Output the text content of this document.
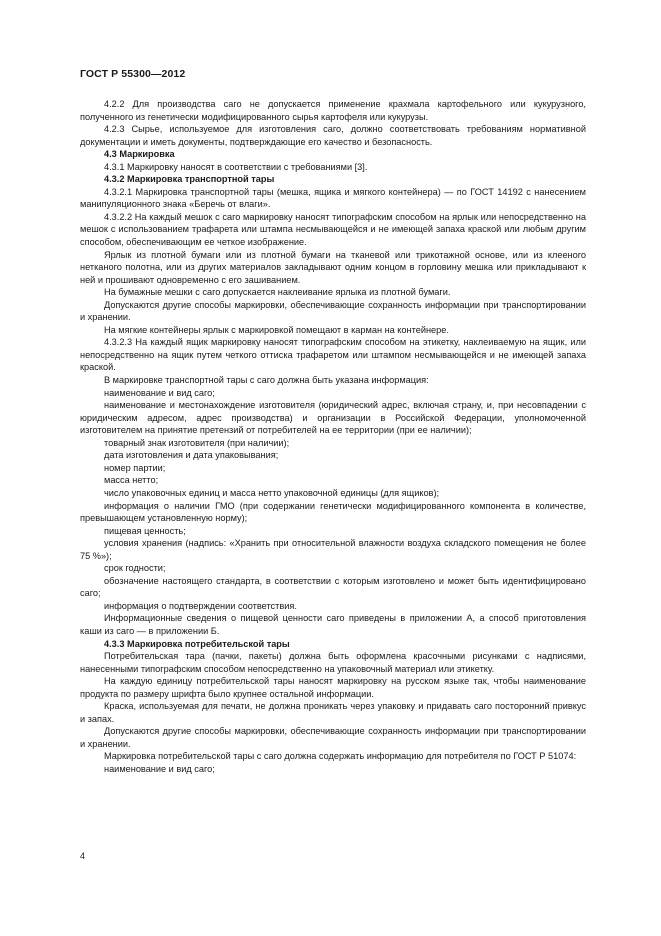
ГОСТ Р 55300—2012

4.2.2 Для производства саго не допускается применение крахмала картофельного или кукурузного, полученного из генетически модифицированного сырья картофеля или кукурузы.

4.2.3 Сырье, используемое для изготовления саго, должно соответствовать требованиям нормативной документации и иметь документы, подтверждающие его качество и безопасность.

4.3 Маркировка

4.3.1 Маркировку наносят в соответствии с требованиями [3].

4.3.2 Маркировка транспортной тары

4.3.2.1 Маркировка транспортной тары (мешка, ящика и мягкого контейнера) — по ГОСТ 14192 с нанесением манипуляционного знака «Беречь от влаги».

4.3.2.2 На каждый мешок с саго маркировку наносят типографским способом на ярлык или непосредственно на мешок с использованием трафарета или штампа несмывающейся и не имеющей запаха краской или любым другим способом, обеспечивающим ее четкое изображение.

Ярлык из плотной бумаги или из плотной бумаги на тканевой или трикотажной основе, или из клееного нетканого полотна, или из других материалов закладывают одним концом в горловину мешка или прикладывают к ней и прошивают одновременно с его зашиванием.

На бумажные мешки с саго допускается наклеивание ярлыка из плотной бумаги.

Допускаются другие способы маркировки, обеспечивающие сохранность информации при транспортировании и хранении.

На мягкие контейнеры ярлык с маркировкой помещают в карман на контейнере.

4.3.2.3 На каждый ящик маркировку наносят типографским способом на этикетку, наклеиваемую на ящик, или непосредственно на ящик путем четкого оттиска трафаретом или штампом несмывающейся и не имеющей запаха краской.

В маркировке транспортной тары с саго должна быть указана информация:

наименование и вид саго;

наименование и местонахождение изготовителя (юридический адрес, включая страну, и, при несовпадении с юридическим адресом, адрес производства) и организации в Российской Федерации, уполномоченной изготовителем на принятие претензий от потребителей на ее территории (при ее наличии);

товарный знак изготовителя (при наличии);

дата изготовления и дата упаковывания;

номер партии;

масса нетто;

число упаковочных единиц и масса нетто упаковочной единицы (для ящиков);

информация о наличии ГМО (при содержании генетически модифицированного компонента в количестве, превышающем установленную норму);

пищевая ценность;

условия хранения (надпись: «Хранить при относительной влажности воздуха складского помещения не более 75 %»);

срок годности;

обозначение настоящего стандарта, в соответствии с которым изготовлено и может быть идентифицировано саго;

информация о подтверждении соответствия.

Информационные сведения о пищевой ценности саго приведены в приложении А, а способ приготовления каши из саго — в приложении Б.

4.3.3 Маркировка потребительской тары

Потребительская тара (пачки, пакеты) должна быть оформлена красочными рисунками с надписями, нанесенными типографским способом непосредственно на упаковочный материал или этикетку.

На каждую единицу потребительской тары наносят маркировку на русском языке так, чтобы наименование продукта по размеру шрифта было крупнее остальной информации.

Краска, используемая для печати, не должна проникать через упаковку и придавать саго посторонний привкус и запах.

Допускаются другие способы маркировки, обеспечивающие сохранность информации при транспортировании и хранении.

Маркировка потребительской тары с саго должна содержать информацию для потребителя по ГОСТ Р 51074:

наименование и вид саго;

4
